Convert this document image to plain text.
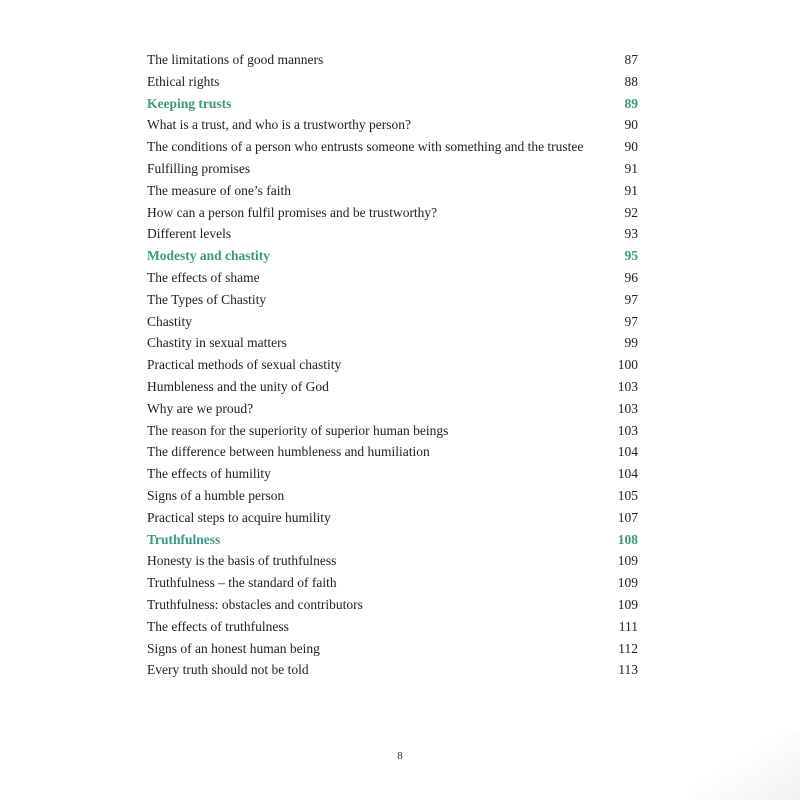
The limitations of good manners	87
Ethical rights	88
Keeping trusts	89
What is a trust, and who is a trustworthy person?	90
The conditions of a person who entrusts someone with something and the trustee	90
Fulfilling promises	91
The measure of one’s faith	91
How can a person fulfil promises and be trustworthy?	92
Different levels	93
Modesty and chastity	95
The effects of shame	96
The Types of Chastity	97
Chastity	97
Chastity in sexual matters	99
Practical methods of sexual chastity	100
Humbleness and the unity of God	103
Why are we proud?	103
The reason for the superiority of superior human beings	103
The difference between humbleness and humiliation	104
The effects of humility	104
Signs of a humble person	105
Practical steps to acquire humility	107
Truthfulness	108
Honesty is the basis of truthfulness	109
Truthfulness – the standard of faith	109
Truthfulness: obstacles and contributors	109
The effects of truthfulness	111
Signs of an honest human being	112
Every truth should not be told	113
8
